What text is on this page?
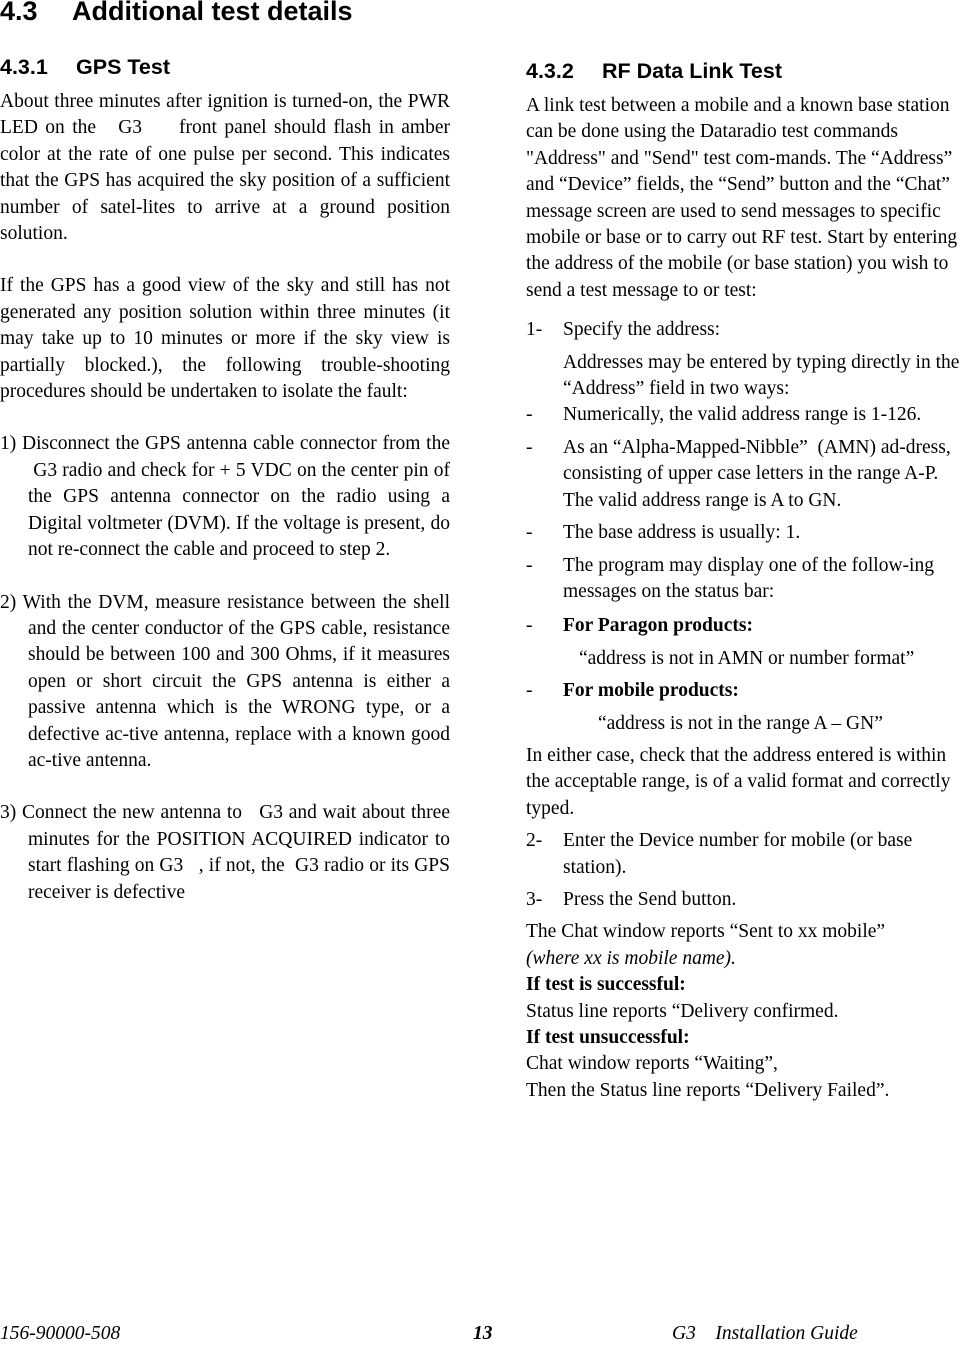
4.3 Additional test details
4.3.1 GPS Test

About three minutes after ignition is turned-on, the PWR LED on the   G3     front panel should flash in amber color at the rate of one pulse per second. This indicates that the GPS has acquired the sky position of a sufficient number of satel-lites to arrive at a ground position solution.

If the GPS has a good view of the sky and still has not generated any position solution within three minutes (it may take up to 10 minutes or more if the sky view is partially blocked.), the following trouble-shooting procedures should be undertaken to isolate the fault:

1) Disconnect the GPS antenna cable connector from the  G3 radio and check for + 5 VDC on the center pin of the GPS antenna connector on the radio using a Digital voltmeter (DVM). If the voltage is present, do not re-connect the cable and proceed to step 2.

2) With the DVM, measure resistance between the shell and the center conductor of the GPS cable, resistance should be between 100 and 300 Ohms, if it measures open or short circuit the GPS antenna is either a passive antenna which is the WRONG type, or a defective ac-tive antenna, replace with a known good ac-tive antenna.

3) Connect the new antenna to   G3 and wait about three minutes for the POSITION ACQUIRED indicator to start flashing on G3   , if not, the  G3 radio or its GPS receiver is defective

4.3.2 RF Data Link Test

A link test between a mobile and a known base station can be done using the Dataradio test commands "Address" and "Send" test com-mands. The “Address” and “Device” fields, the “Send” button and the “Chat” message screen are used to send messages to specific mobile or base or to carry out RF test. Start by entering the address of the mobile (or base station) you wish to send a test message to or test:

1- Specify the address:
Addresses may be entered by typing directly in the “Address” field in two ways:
- Numerically, the valid address range is 1-126.
- As an “Alpha-Mapped-Nibble”  (AMN) ad-dress, consisting of upper case letters in the range A-P. The valid address range is A to GN.
- The base address is usually: 1.
- The program may display one of the follow-ing messages on the status bar:
- For Paragon products:
“address is not in AMN or number format”
- For mobile products:
“address is not in the range A – GN”

In either case, check that the address entered is within the acceptable range, is of a valid format and correctly typed.

2- Enter the Device number for mobile (or base station).
3- Press the Send button.

The Chat window reports “Sent to xx mobile”

(where xx is mobile name).

If test is successful:

Status line reports “Delivery confirmed.

If test unsuccessful:

Chat window reports “Waiting”,

Then the Status line reports “Delivery Failed”.

156-90000-508	13	G3    Installation Guide
